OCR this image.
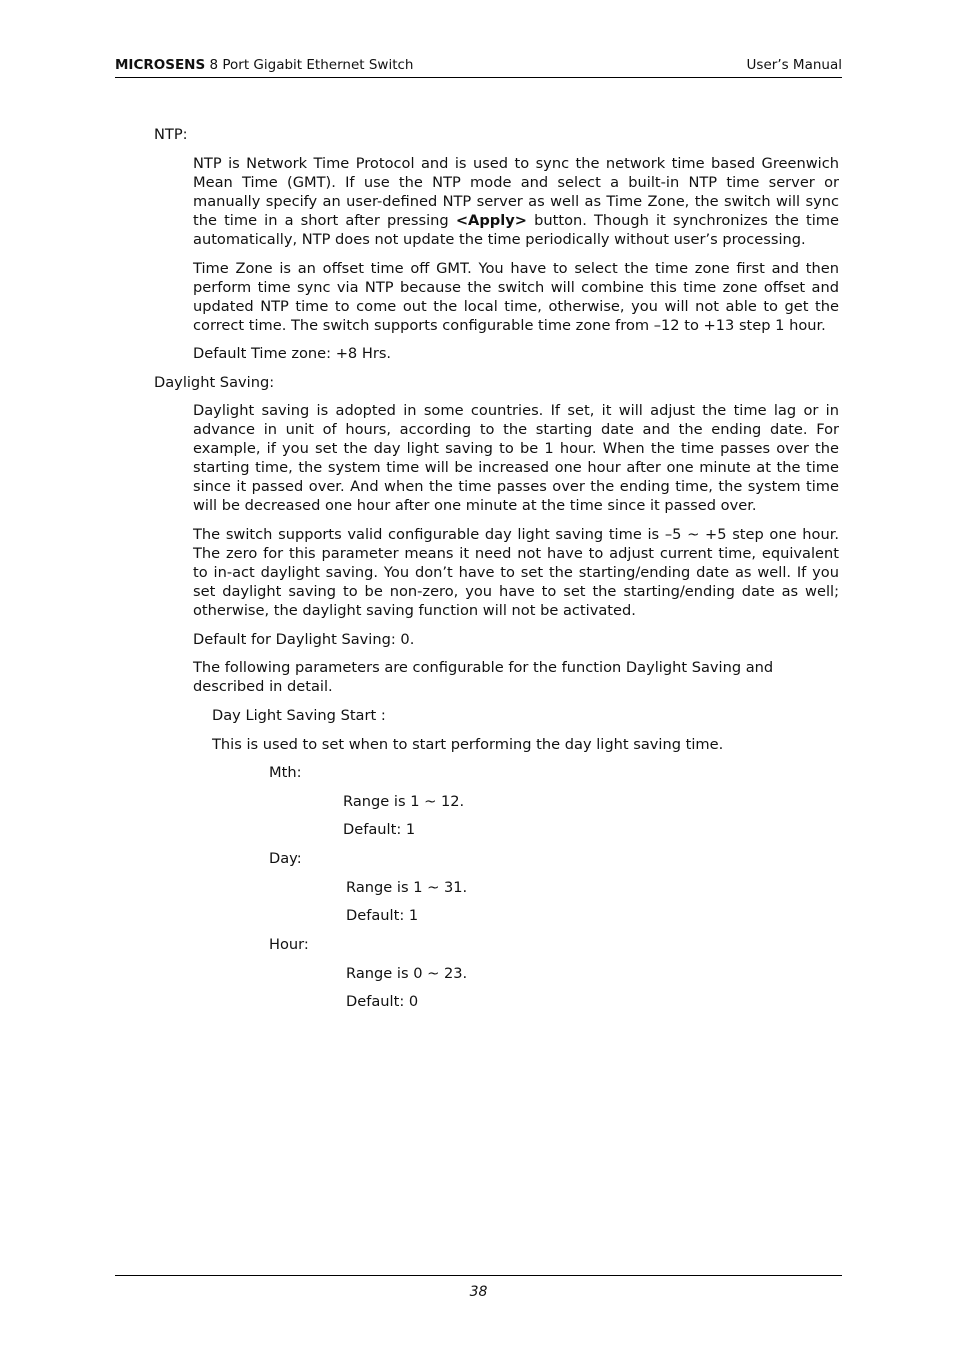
MICROSENS 8 Port Gigabit Ethernet Switch	User’s Manual
NTP:
NTP is Network Time Protocol and is used to sync the network time based Greenwich Mean Time (GMT). If use the NTP mode and select a built-in NTP time server or manually specify an user-defined NTP server as well as Time Zone, the switch will sync the time in a short after pressing <Apply> button. Though it synchronizes the time automatically, NTP does not update the time periodically without user’s processing.
Time Zone is an offset time off GMT. You have to select the time zone first and then perform time sync via NTP because the switch will combine this time zone offset and updated NTP time to come out the local time, otherwise, you will not able to get the correct time. The switch supports configurable time zone from –12 to +13 step 1 hour.
Default Time zone: +8 Hrs.
Daylight Saving:
Daylight saving is adopted in some countries. If set, it will adjust the time lag or in advance in unit of hours, according to the starting date and the ending date. For example, if you set the day light saving to be 1 hour. When the time passes over the starting time, the system time will be increased one hour after one minute at the time since it passed over. And when the time passes over the ending time, the system time will be decreased one hour after one minute at the time since it passed over.
The switch supports valid configurable day light saving time is –5 ~ +5 step one hour. The zero for this parameter means it need not have to adjust current time, equivalent to in-act daylight saving. You don’t have to set the starting/ending date as well. If you set daylight saving to be non-zero, you have to set the starting/ending date as well; otherwise, the daylight saving function will not be activated.
Default for Daylight Saving: 0.
The following parameters are configurable for the function Daylight Saving and described in detail.
Day Light Saving Start :
This is used to set when to start performing the day light saving time.
Mth:
Range is 1 ~ 12.
Default: 1
Day:
Range is 1 ~ 31.
Default: 1
Hour:
Range is 0 ~ 23.
Default: 0
38
